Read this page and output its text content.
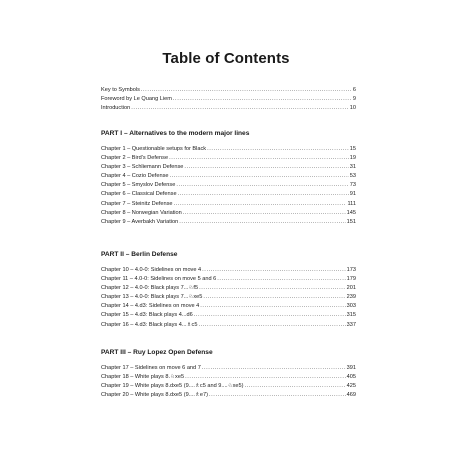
Table of Contents
Key to Symbols .....	6
Foreword by Le Quang Liem .....	9
Introduction .....	10
PART I – Alternatives to the modern major lines
Chapter 1 – Questionable setups for Black .....	15
Chapter 2 – Bird’s Defense .....	19
Chapter 3 – Schliemann Defense .....	31
Chapter 4 – Cozio Defense .....	53
Chapter 5 – Smyslov Defense .....	73
Chapter 6 – Classical Defense .....	91
Chapter 7 – Steinitz Defense .....	111
Chapter 8 – Norwegian Variation .....	145
Chapter 9 – Averbakh Variation .....	151
PART II – Berlin Defense
Chapter 10 – 4.0-0: Sidelines on move 4 .....	173
Chapter 11 – 4.0-0: Sidelines on move 5 and 6 .....	179
Chapter 12 – 4.0-0: Black plays 7...♘f5 .....	201
Chapter 13 – 4.0-0: Black plays 7...♘xe5 .....	239
Chapter 14 – 4.d3: Sidelines on move 4 .....	303
Chapter 15 – 4.d3: Black plays 4...d6 .....	315
Chapter 16 – 4.d3: Black plays 4...♗c5 .....	337
PART III – Ruy Lopez Open Defense
Chapter 17 – Sidelines on move 6 and 7 .....	391
Chapter 18 – White plays 8.♘xe5 .....	405
Chapter 19 – White plays 8.dxe5 (9....♗c5 and 9....♘xe5) .....	425
Chapter 20 – White plays 8.dxe5 (9....♗e7) .....	469
